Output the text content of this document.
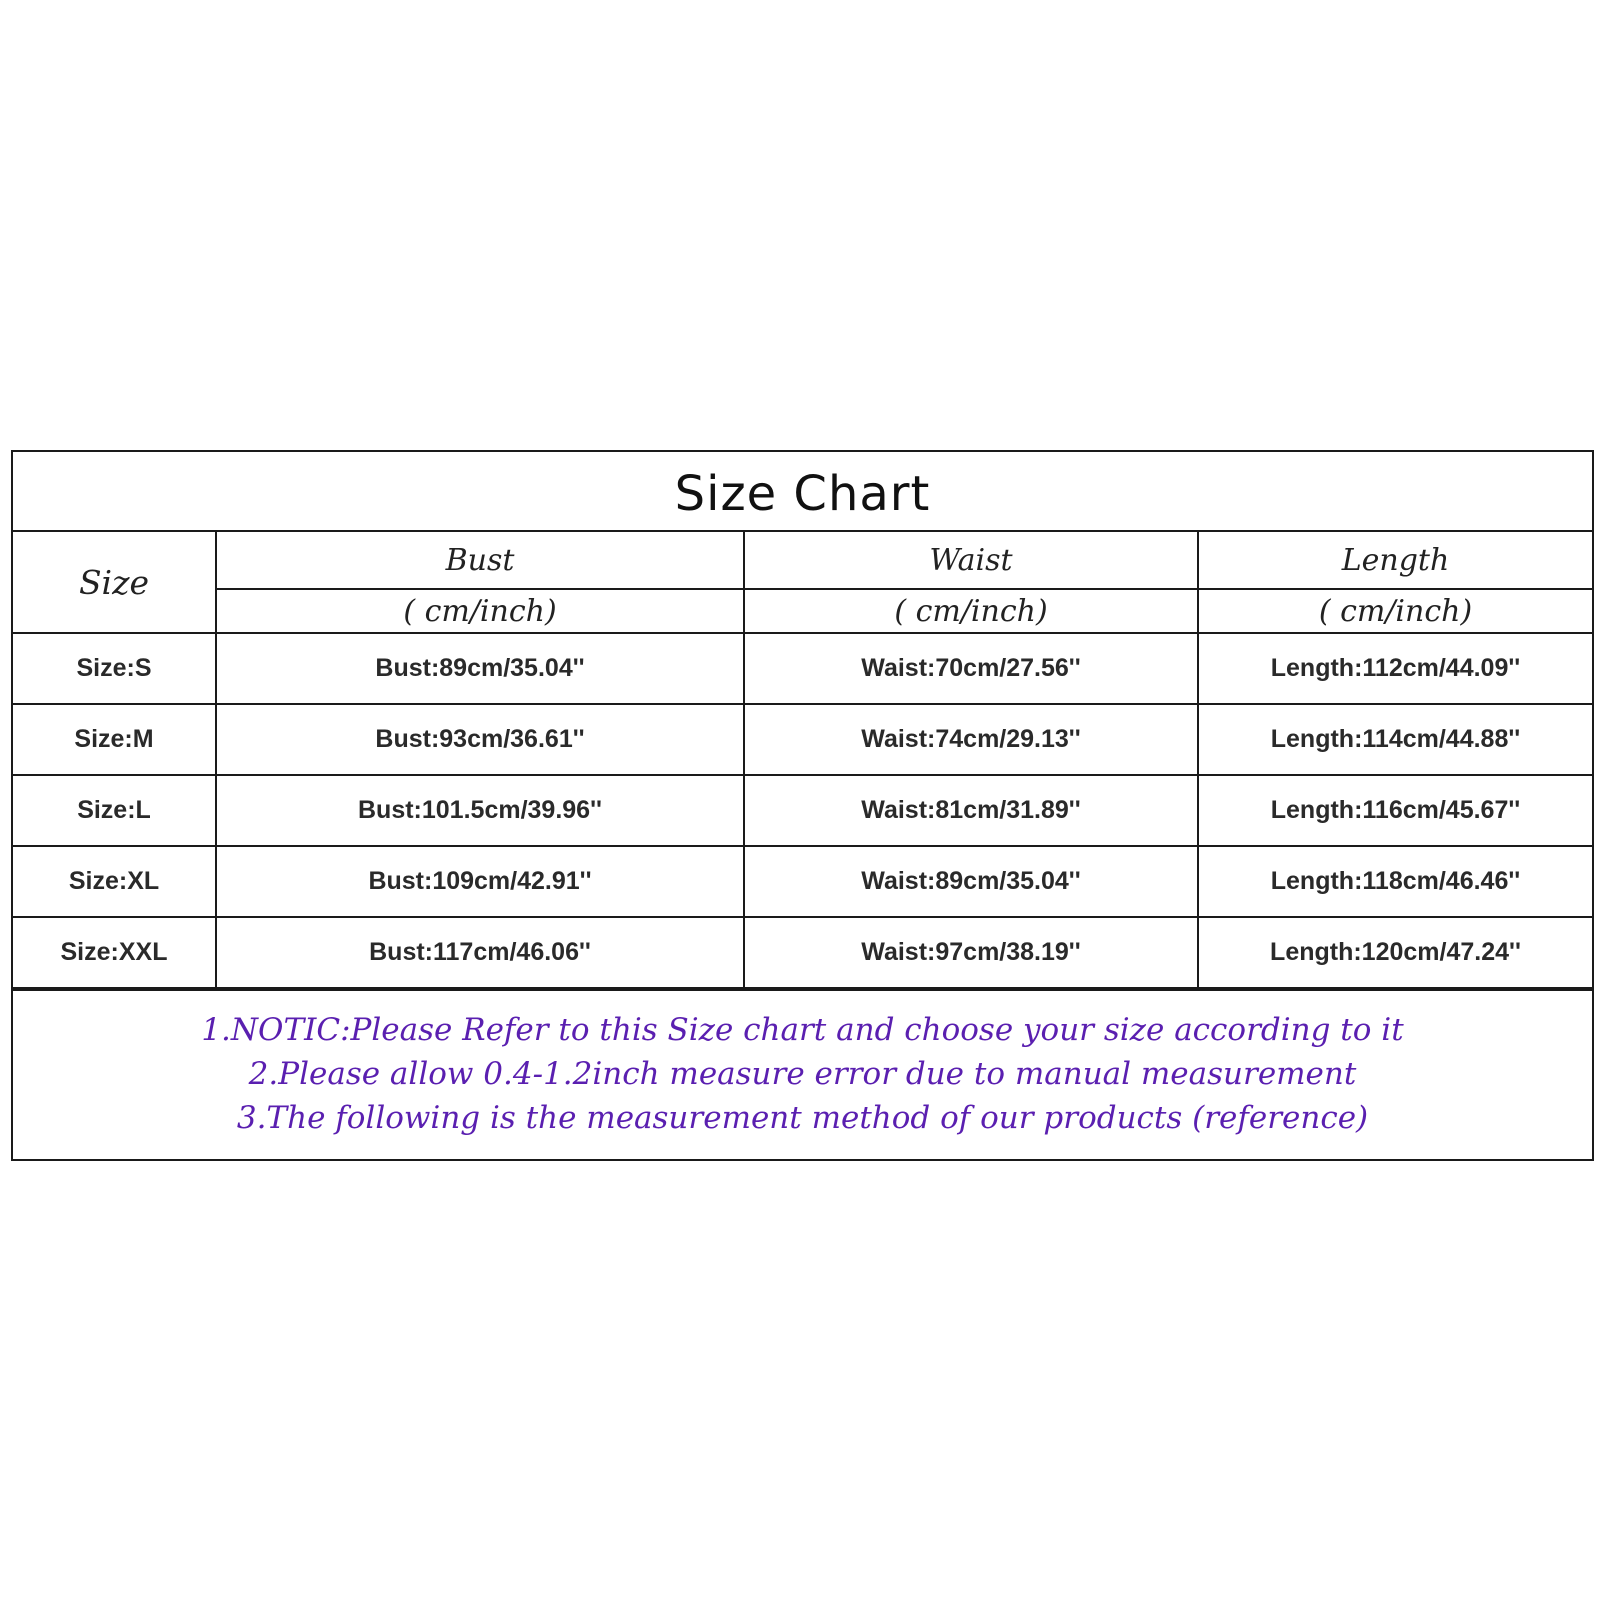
Size Chart
Size	Bust	Waist	Length
	( cm/inch)	( cm/inch)	( cm/inch)
Size:S	Bust:89cm/35.04''	Waist:70cm/27.56''	Length:112cm/44.09''
Size:M	Bust:93cm/36.61''	Waist:74cm/29.13''	Length:114cm/44.88''
Size:L	Bust:101.5cm/39.96''	Waist:81cm/31.89''	Length:116cm/45.67''
Size:XL	Bust:109cm/42.91''	Waist:89cm/35.04''	Length:118cm/46.46''
Size:XXL	Bust:117cm/46.06''	Waist:97cm/38.19''	Length:120cm/47.24''
1.NOTIC:Please Refer to this Size chart and choose your size according to it
2.Please allow 0.4-1.2inch measure error due to manual measurement
3.The following is the measurement method of our products (reference)
